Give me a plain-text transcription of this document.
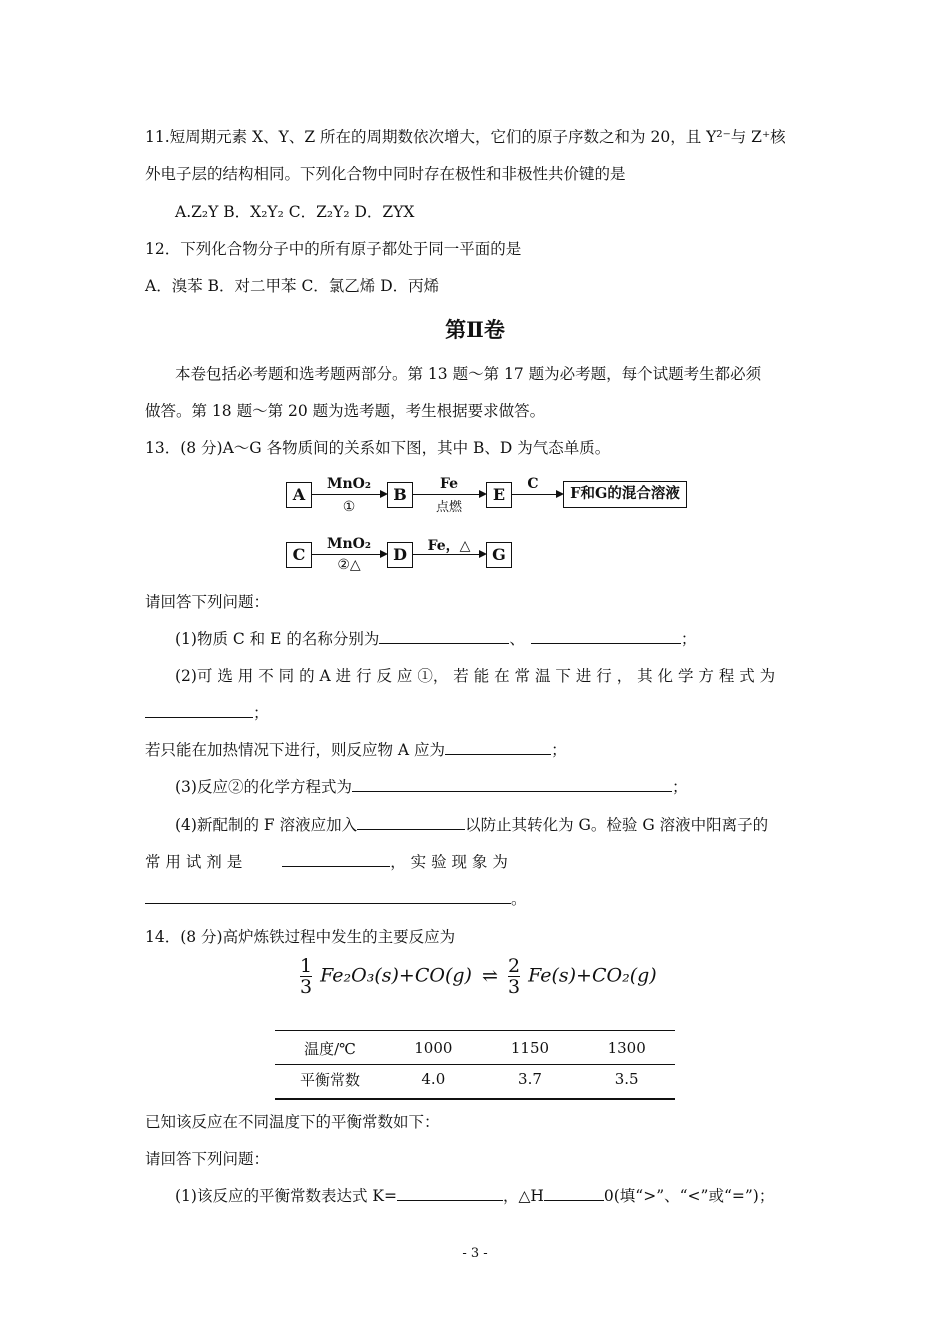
11.短周期元素 X、Y、Z 所在的周期数依次增大，它们的原子序数之和为 20，且 Y²⁻与 Z⁺核
外电子层的结构相同。下列化合物中同时存在极性和非极性共价键的是
A.Z₂Y B．X₂Y₂ C．Z₂Y₂ D．ZYX
12．下列化合物分子中的所有原子都处于同一平面的是
A．溴苯 B．对二甲苯 C．氯乙烯 D．丙烯
第Ⅱ卷
本卷包括必考题和选考题两部分。第 13 题～第 17 题为必考题，每个试题考生都必须
做答。第 18 题～第 20 题为选考题，考生根据要求做答。
13．(8 分)A～G 各物质间的关系如下图，其中 B、D 为气态单质。
A
MnO₂
①
B
Fe
点燃
E
C
F和G的混合溶液
C
MnO₂
②△
D	Fe，△	G
请回答下列问题：
(1)物质 C 和 E 的名称分别为	、	；
(2)可 选 用 不 同 的 A 进 行 反 应 ①， 若 能 在 常 温 下 进 行 ， 其 化 学 方 程 式 为
；
若只能在加热情况下进行，则反应物 A 应为	；
(3)反应②的化学方程式为	；
(4)新配制的 F 溶液应加入	以防止其转化为 G。检验 G 溶液中阳离子的
常 用 试 剂 是	， 实 验 现 象 为
。
14．(8 分)高炉炼铁过程中发生的主要反应为
$\frac{1}{3} Fe_2O_3(s)+CO(g)$ ⇌ $\frac{2}{3} Fe(s)+CO_2(g)$
温度/℃	1000	1150	1300
平衡常数	4.0	3.7	3.5
已知该反应在不同温度下的平衡常数如下：
请回答下列问题：
(1)该反应的平衡常数表达式 K=	，△H	0(填“>”、“<”或“=”)；
- 3 -
